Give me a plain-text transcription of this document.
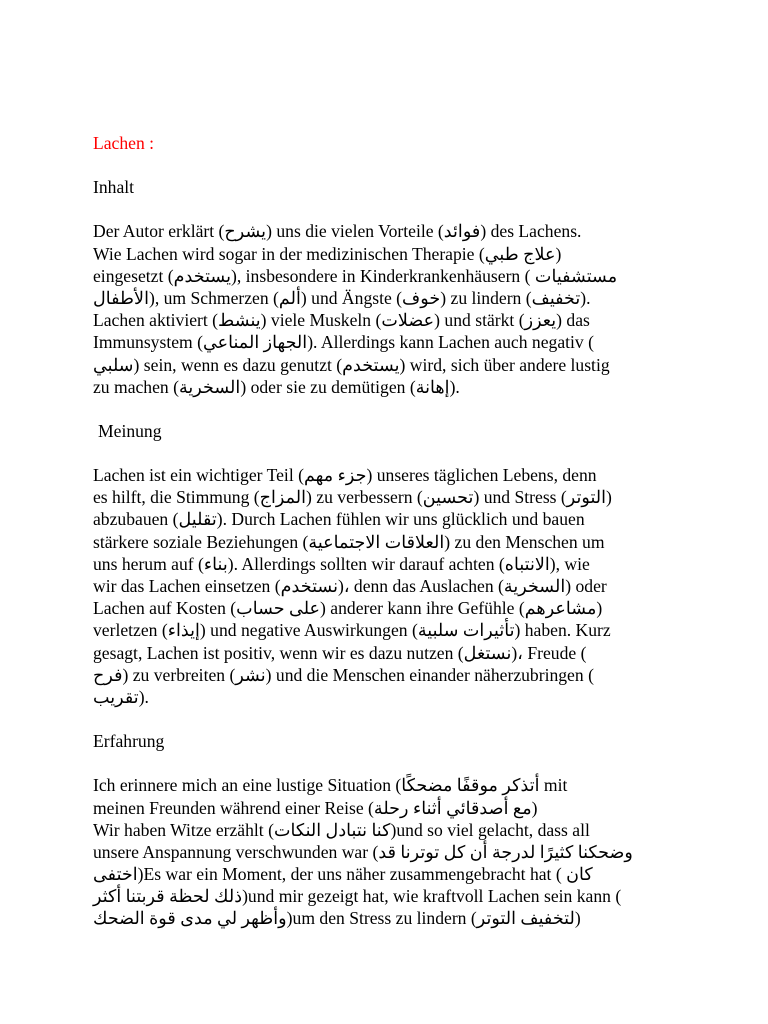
Lachen :
Inhalt
Der Autor erklärt (يشرح) uns die vielen Vorteile (فوائد) des Lachens.
Wie Lachen wird sogar in der medizinischen Therapie (علاج طبي)
eingesetzt (يستخدم), insbesondere in Kinderkrankenhäusern ( مستشفيات
الأطفال), um Schmerzen (ألم) und Ängste (خوف) zu lindern (تخفيف).
Lachen aktiviert (ينشط) viele Muskeln (عضلات) und stärkt (يعزز) das
Immunsystem (الجهاز المناعي). Allerdings kann Lachen auch negativ (
سلبي) sein, wenn es dazu genutzt (يستخدم) wird, sich über andere lustig
zu machen (السخرية) oder sie zu demütigen (إهانة).
Meinung
Lachen ist ein wichtiger Teil (جزء مهم) unseres täglichen Lebens, denn
es hilft, die Stimmung (المزاج) zu verbessern (تحسين) und Stress (التوتر)
abzubauen (تقليل). Durch Lachen fühlen wir uns glücklich und bauen
stärkere soziale Beziehungen (العلاقات الاجتماعية) zu den Menschen um
uns herum auf (بناء). Allerdings sollten wir darauf achten (الانتباه), wie
wir das Lachen einsetzen (نستخدم)، denn das Auslachen (السخرية) oder
Lachen auf Kosten (على حساب) anderer kann ihre Gefühle (مشاعرهم)
verletzen (إيذاء) und negative Auswirkungen (تأثيرات سلبية) haben. Kurz
gesagt, Lachen ist positiv, wenn wir es dazu nutzen (نستغل)، Freude (
فرح) zu verbreiten (نشر) und die Menschen einander näherzubringen (
تقريب).
Erfahrung
Ich erinnere mich an eine lustige Situation (أتذكر موقفًا مضحكًا mit
meinen Freunden während einer Reise (مع أصدقائي أثناء رحلة)
Wir haben Witze erzählt (كنا نتبادل النكات)und so viel gelacht, dass all
unsere Anspannung verschwunden war (وضحكنا كثيرًا لدرجة أن كل توترنا قد
اختفى)Es war ein Moment, der uns näher zusammengebracht hat ( كان
ذلك لحظة قربتنا أكثر)und mir gezeigt hat, wie kraftvoll Lachen sein kann (
وأظهر لي مدى قوة الضحك)um den Stress zu lindern (لتخفيف التوتر)
